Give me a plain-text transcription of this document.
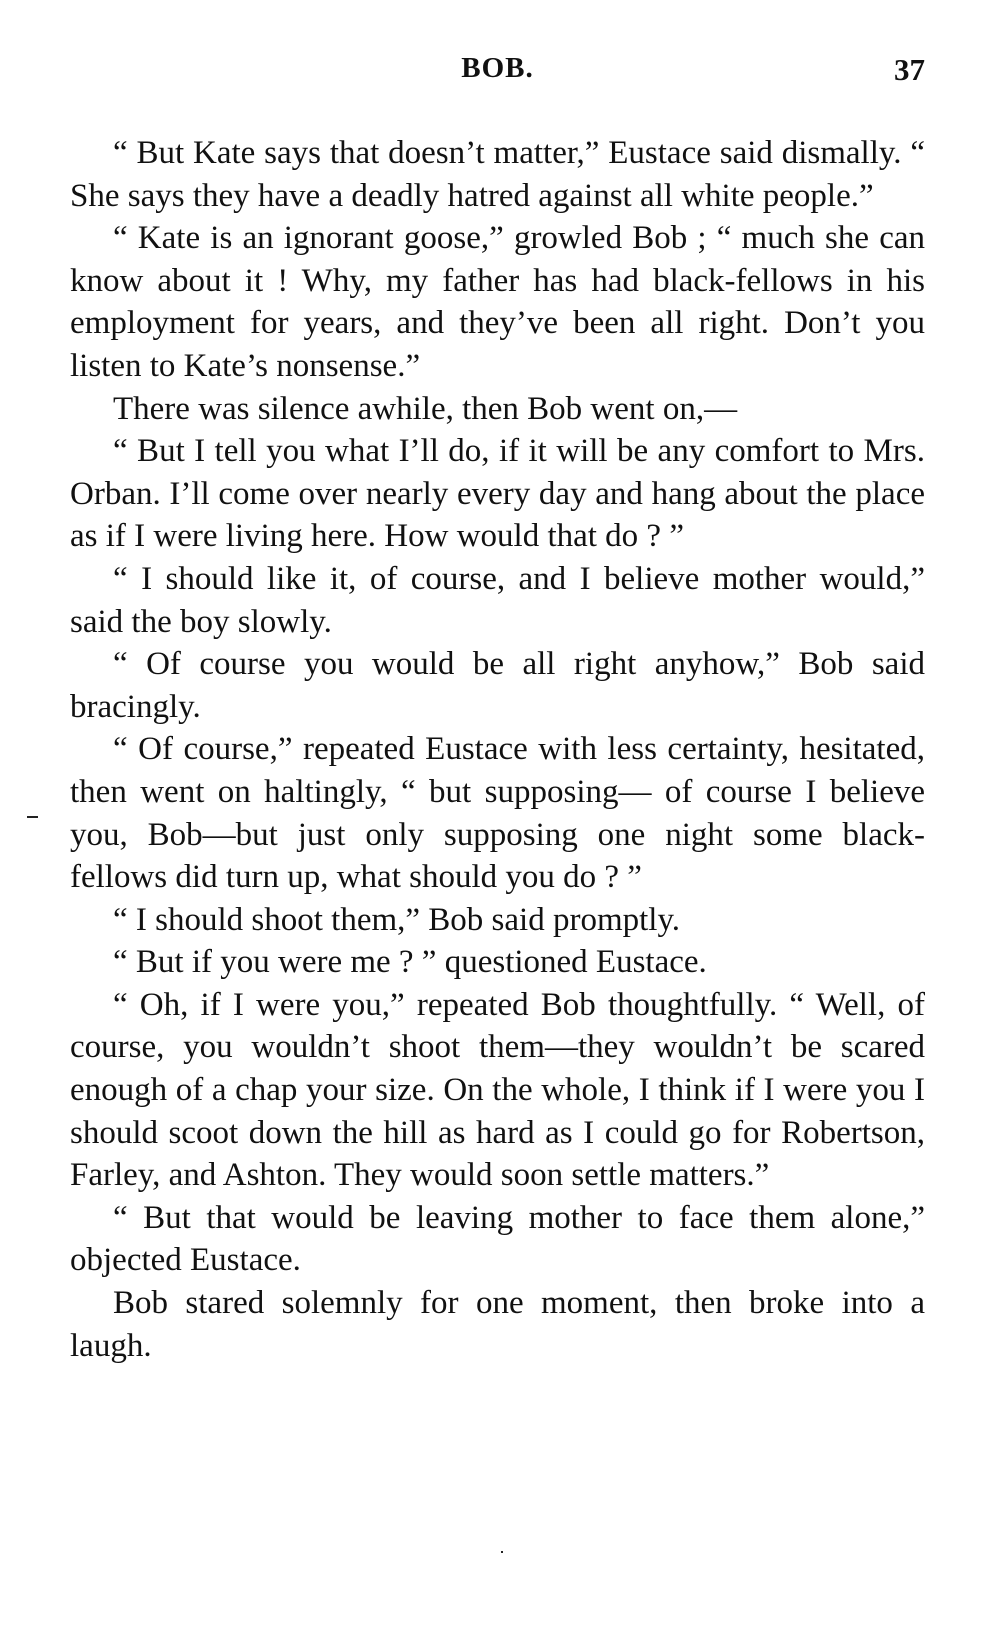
BOB.	37

“ But Kate says that doesn’t matter,” Eustace said dismally. “ She says they have a deadly hatred against all white people.”

“ Kate is an ignorant goose,” growled Bob ; “ much she can know about it ! Why, my father has had black-fellows in his employment for years, and they’ve been all right. Don’t you listen to Kate’s nonsense.”

There was silence awhile, then Bob went on,—

“ But I tell you what I’ll do, if it will be any comfort to Mrs. Orban. I’ll come over nearly every day and hang about the place as if I were living here. How would that do ? ”

“ I should like it, of course, and I believe mother would,” said the boy slowly.

“ Of course you would be all right anyhow,” Bob said bracingly.

“ Of course,” repeated Eustace with less certainty, hesitated, then went on haltingly, “ but supposing— of course I believe you, Bob—but just only supposing one night some black-fellows did turn up, what should you do ? ”

“ I should shoot them,” Bob said promptly.

“ But if you were me ? ” questioned Eustace.

“ Oh, if I were you,” repeated Bob thoughtfully. “ Well, of course, you wouldn’t shoot them—they wouldn’t be scared enough of a chap your size. On the whole, I think if I were you I should scoot down the hill as hard as I could go for Robertson, Farley, and Ashton. They would soon settle matters.”

“ But that would be leaving mother to face them alone,” objected Eustace.

Bob stared solemnly for one moment, then broke into a laugh.
